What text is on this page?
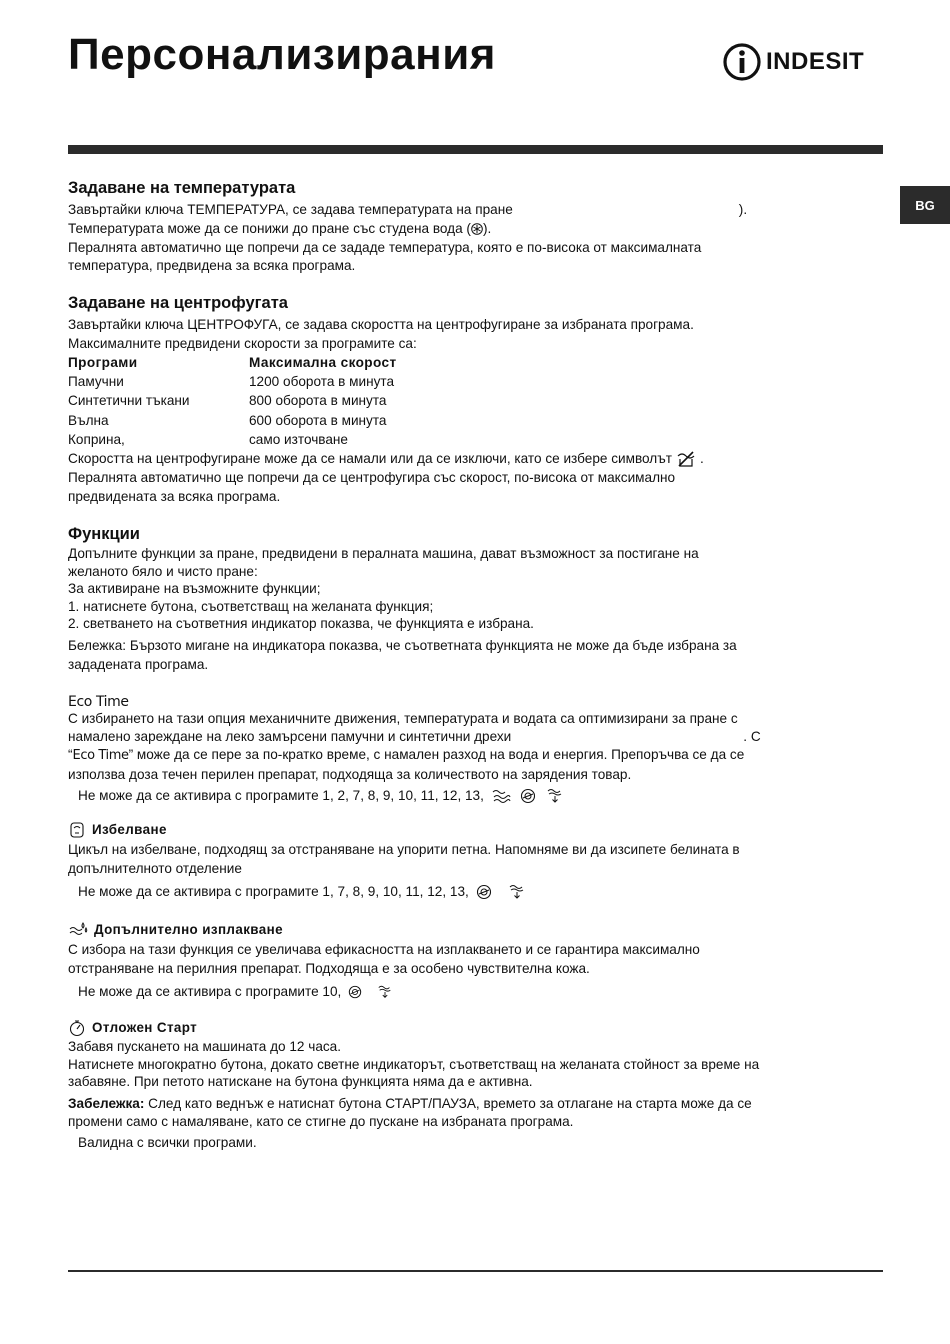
Персонализирания	INDESIT
BG
Задаване на температурата
Завъртайки ключа ТЕМПЕРАТУРА, се задава температурата на пране	).
Температурата може да се понижи до пране със студена вода ( ).
Пералнята автоматично ще попречи да се зададе температура, която е по-висока от максималната
температура, предвидена за всяка програма.
Задаване на центрофугата
Завъртайки ключа ЦЕНТРОФУГА, се задава скоростта на центрофугиране за избраната програма.
Максималните предвидени скорости за програмите са:
Програми	Максимална скорост
Памучни	1200 оборота в минута
Синтетични тъкани	800 оборота в минута
Вълна	600 оборота в минута
Коприна,	само източване
Скоростта на центрофугиране може да се намали или да се изключи, като се избере символът .
Пералнята автоматично ще попречи да се центрофугира със скорост, по-висока от максимално
предвидената за всяка програма.
Функции
Допълните функции за пране, предвидени в пералната машина, дават възможност за постигане на
желаното бяло и чисто пране:
За активиране на възможните функции;
1. натиснете бутона, съответстващ на желаната функция;
2. светването на съответния индикатор показва, че функцията е избрана.
Бележка: Бързото мигане на индикатора показва, че съответната функцията не може да бъде избрана за
зададената програма.
Eco Time
С избирането на тази опция механичните движения, температурата и водата са оптимизирани за пране с
намалено зареждане на леко замърсени памучни и синтетични дрехи	. С
“Eco Time” може да се пере за по-кратко време, с намален разход на вода и енергия. Препоръчва се да се
използва доза течен перилен препарат, подходяща за количеството на зарядения товар.
Не може да се активира с програмите 1, 2, 7, 8, 9, 10, 11, 12, 13,
Избелване
Цикъл на избелване, подходящ за отстраняване на упорити петна. Напомняме ви да изсипете белината в
допълнителното отделение
Не може да се активира с програмите 1, 7, 8, 9, 10, 11, 12, 13,
Допълнително изплакване
С избора на тази функция се увеличава ефикасността на изплакването и се гарантира максимално
отстраняване на перилния препарат. Подходяща е за особено чувствителна кожа.
Не може да се активира с програмите 10,
Отложен Старт
Забавя пускането на машината до 12 часа.
Натиснете многократно бутона, докато светне индикаторът, съответстващ на желаната стойност за време на
забавяне. При петото натискане на бутона функцията няма да е активна.
Забележка: След като веднъж е натиснат бутона СТАРТ/ПАУЗА, времето за отлагане на старта може да се
промени само с намаляване, като се стигне до пускане на избраната програма.
Валидна с всички програми.
